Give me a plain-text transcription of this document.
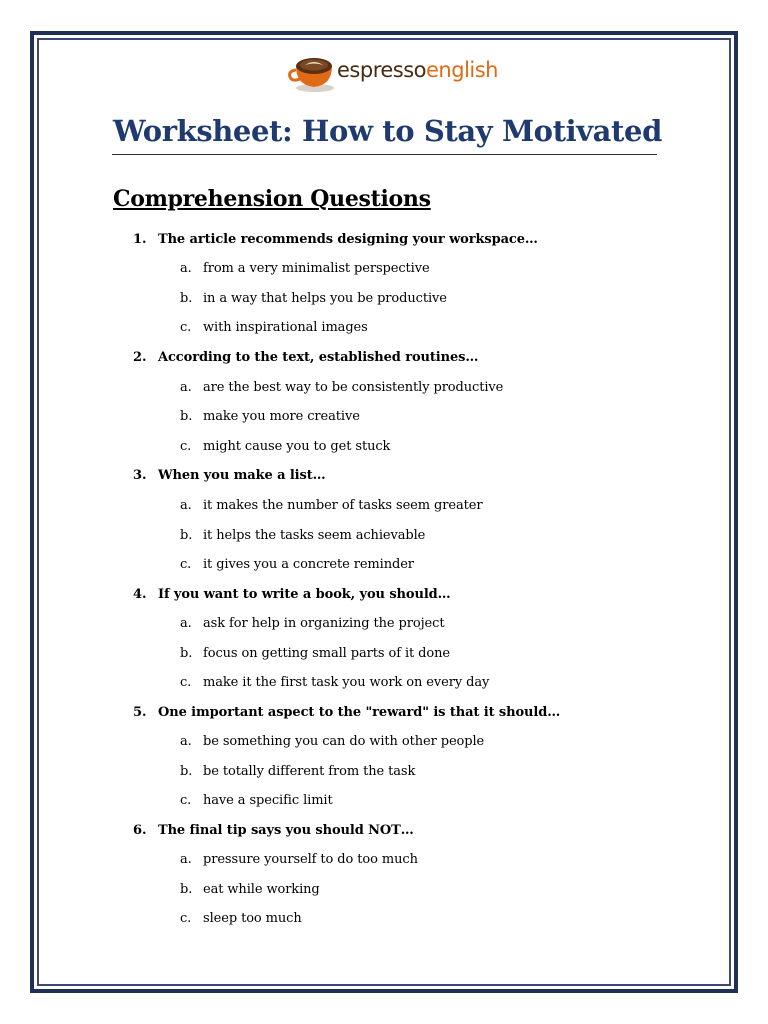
espressoenglish
Worksheet: How to Stay Motivated
Comprehension Questions
1. The article recommends designing your workspace…
a. from a very minimalist perspective
b. in a way that helps you be productive
c. with inspirational images
2. According to the text, established routines…
a. are the best way to be consistently productive
b. make you more creative
c. might cause you to get stuck
3. When you make a list…
a. it makes the number of tasks seem greater
b. it helps the tasks seem achievable
c. it gives you a concrete reminder
4. If you want to write a book, you should…
a. ask for help in organizing the project
b. focus on getting small parts of it done
c. make it the first task you work on every day
5. One important aspect to the "reward" is that it should…
a. be something you can do with other people
b. be totally different from the task
c. have a specific limit
6. The final tip says you should NOT…
a. pressure yourself to do too much
b. eat while working
c. sleep too much
